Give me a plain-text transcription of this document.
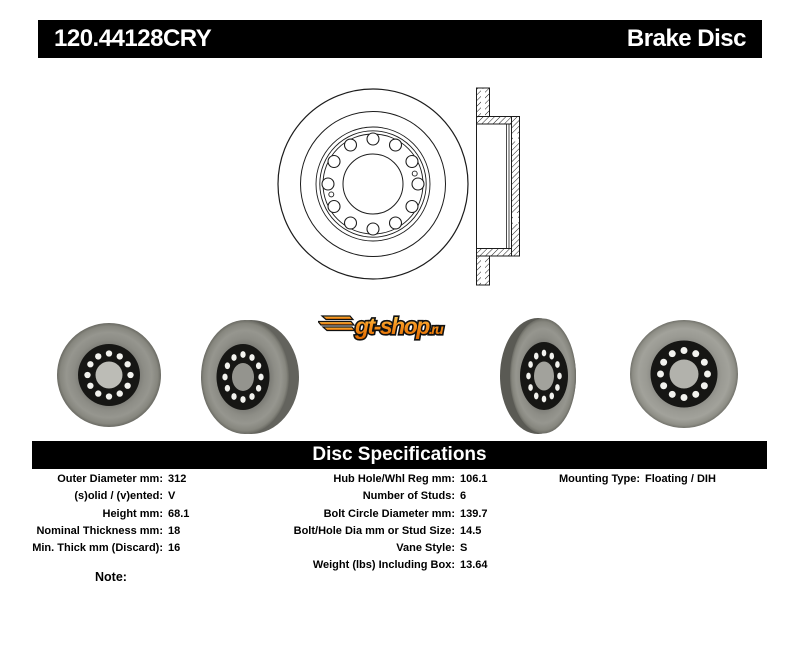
120.44128CRY	Brake Disc
gt-shop.ru
Disc Specifications
Outer Diameter mm: 312
(s)olid / (v)ented: V
Height mm: 68.1
Nominal Thickness mm: 18
Min. Thick mm (Discard): 16
Hub Hole/Whl Reg mm: 106.1
Number of Studs: 6
Bolt Circle Diameter mm: 139.7
Bolt/Hole Dia mm or Stud Size: 14.5
Vane Style: S
Weight (lbs) Including Box: 13.64
Mounting Type: Floating / DIH
Note:
